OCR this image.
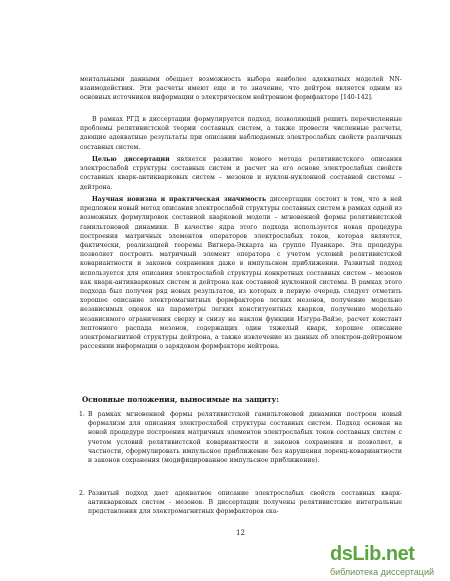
ментальными данными обещает возможность выбора наиболее адекватных моделей NN-взаимодействия. Эти расчеты имеют еще и то значение, что дейтрон является одним из основных источников информации о электрическом нейтронном формфакторе [140-142].

В рамках РГД в диссертации формулируется подход, позволяющий решить перечисленные проблемы релятивистской теории составных систем, а также провести численные расчеты, дающие адекватные результаты при описании наблюдаемых электрослабых свойств различных составных систем.

Целью диссертации является развитие нового метода релятивистского описания электрослабой структуры составных систем и расчет на его основе электрослабых свойств составных кварк-антикварковых систем – мезонов и нуклон-нуклонной составной системы – дейтрона.

Научная новизна и практическая значимость диссертации состоит в том, что в ней предложен новый метод описания электрослабой структуры составных систем в рамках одной из возможных формулировок составной кварковой модели – мгновенной формы релятивистской гамильтоновой динамики. В качестве ядра этого подхода используется новая процедура построения матричных элементов операторов электрослабых токов, которая является, фактически, реализацией теоремы Вигнера-Эккарта на группе Пуанкаре. Эта процедура позволяет построить матричный элемент оператора с учетом условий релятивистской ковариантности и законов сохранения даже в импульсном приближении. Развитый подход используется для описания электрослабой структуры конкретных составных систем – мезонов как кварк-антикварковых систем и дейтрона как составной нуклонной системы. В рамках этого подхода был получен ряд новых результатов, из которых в первую очередь следует отметить хорошее описание электромагнитных формфакторов легких мезонов, получение модельно независимых оценок на параметры легких конституентных кварков, получение модельно независимого ограничения сверху и снизу на наклон функции Изгура-Вайзе, расчет констант лептонного распада мезонов, содержащих один тяжелый кварк, хорошее описание электромагнитной структуры дейтрона, а также извлечение из данных об электрон-дейтронном рассеянии информации о зарядовом формфакторе нейтрона.

Основные положения, выносимые на защиту:

1. В рамках мгновенной формы релятивистской гамильтоновой динамики построен новый формализм для описания электрослабой структуры составных систем. Подход основан на новой процедуре построения матричных элементов электрослабых токов составных систем с учетом условий релятивистской ковариантности и законов сохранения и позволяет, в частности, сформулировать импульсное приближение без нарушения лоренц-ковариантности и законов сохранения (модифицированное импульсное приближение).
2. Развитый подход дает адекватное описание электрослабых свойств составных кварк-антикварковых систем - мезонов. В диссертации получены релятивистские интегральные представления для электромагнитных формфакторов ска-
12
dsLib.net
библиотека диссертаций
